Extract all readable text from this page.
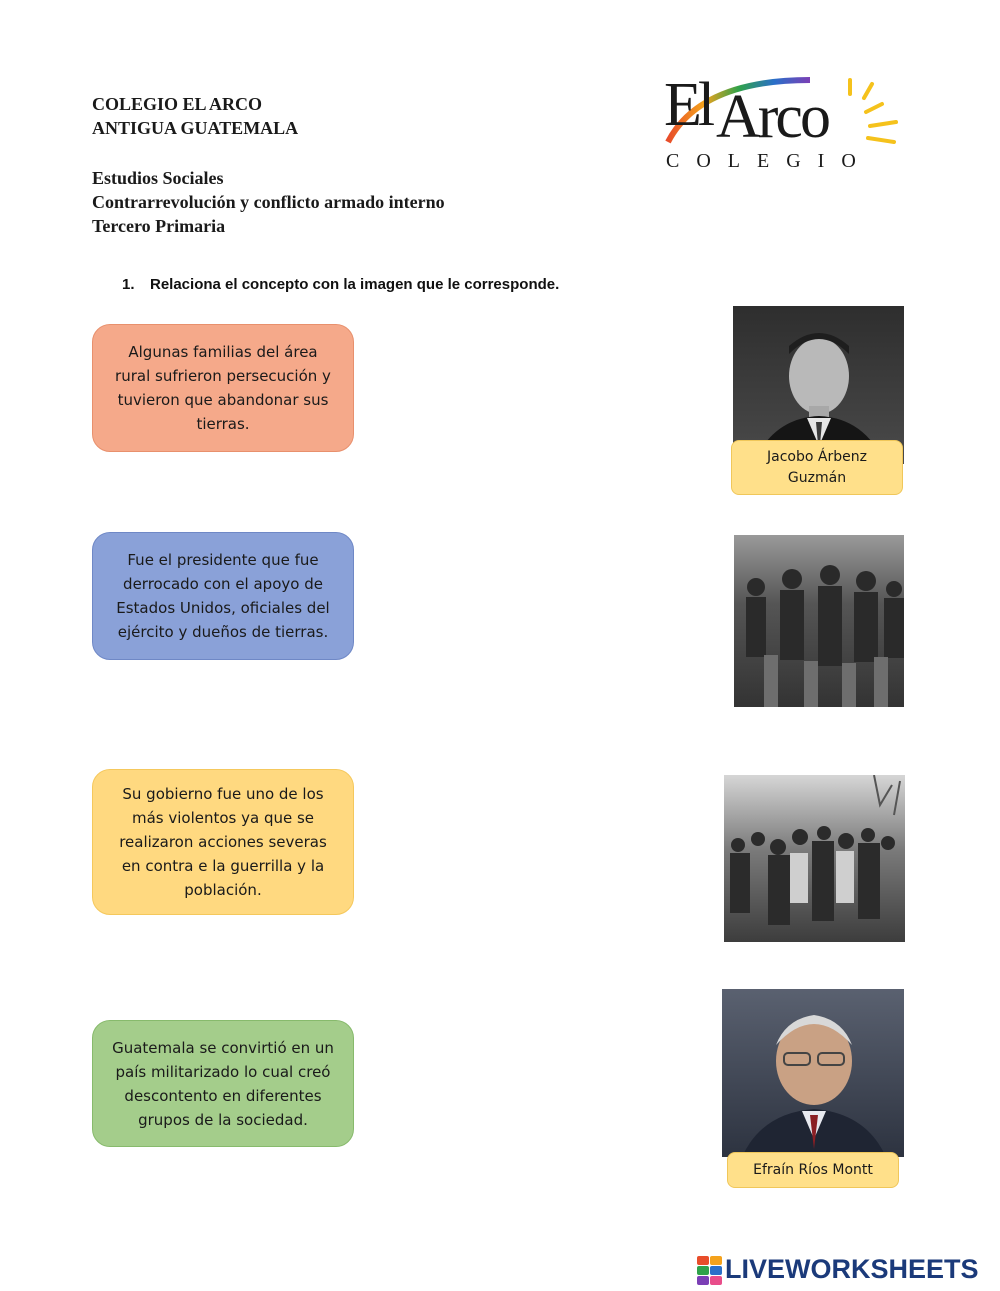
COLEGIO EL ARCO
ANTIGUA GUATEMALA
Estudios Sociales
Contrarrevolución y conflicto armado interno
Tercero Primaria
El Arco
COLEGIO
1. Relaciona el concepto con la imagen que le corresponde.
Algunas familias del área rural sufrieron persecución y tuvieron que abandonar sus tierras.
Fue el presidente que fue derrocado con el apoyo de Estados Unidos, oficiales del ejército y dueños de tierras.
Su gobierno fue uno de los más violentos ya que se realizaron acciones severas en contra e la guerrilla y la población.
Guatemala se convirtió en un país militarizado lo cual creó descontento en diferentes grupos de la sociedad.
Jacobo Árbenz Guzmán
Efraín Ríos Montt
LIVEWORKSHEETS
